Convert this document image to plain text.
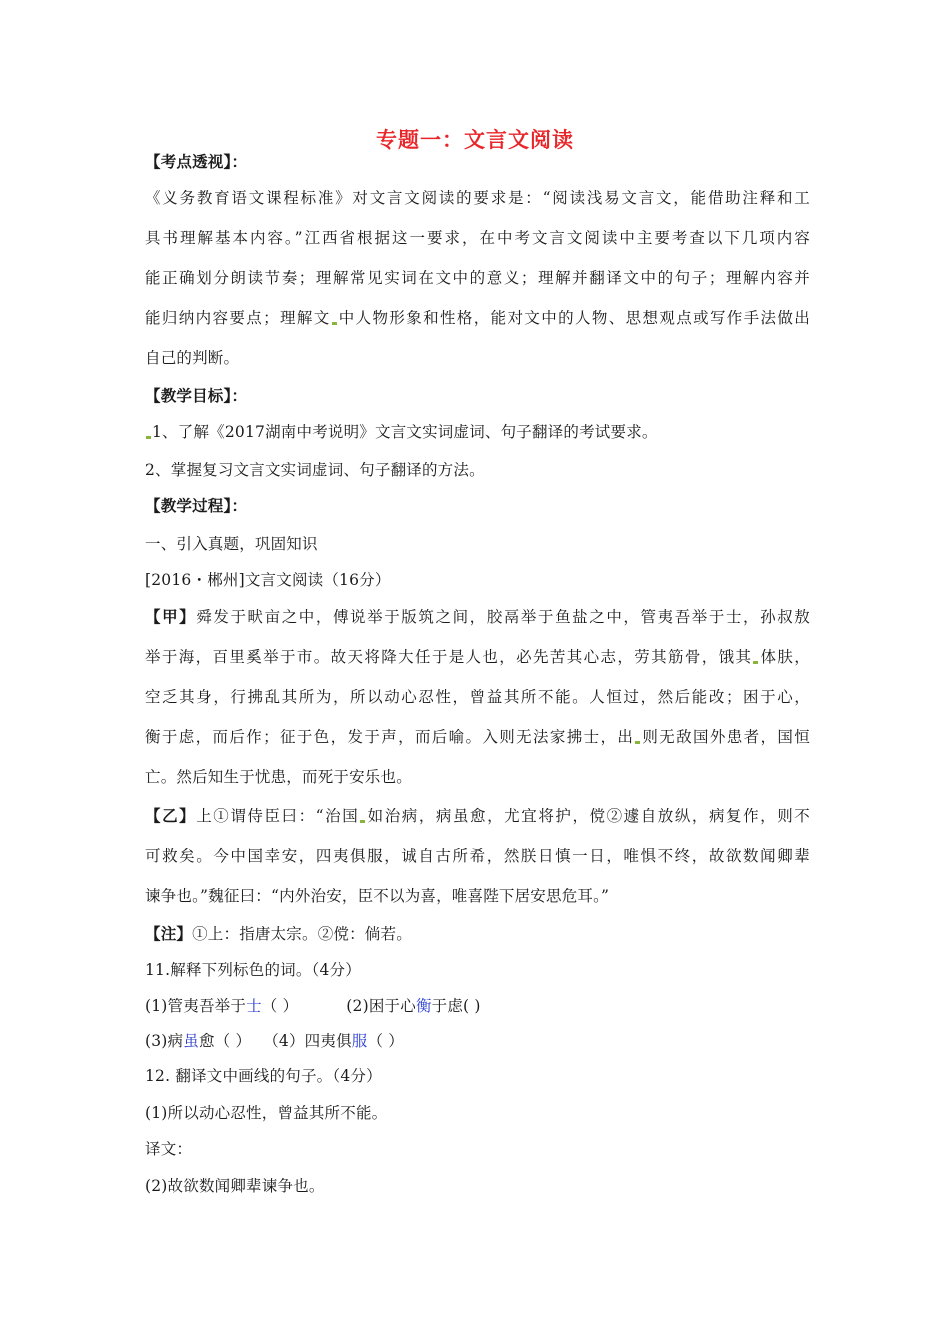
专题一：文言文阅读
【考点透视】：
《义务教育语文课程标准》对文言文阅读的要求是：“阅读浅易文言文，能借助注释和工
具书理解基本内容。”江西省根据这一要求，在中考文言文阅读中主要考查以下几项内容
能正确划分朗读节奏；理解常见实词在文中的意义；理解并翻译文中的句子；理解内容并
能归纳内容要点；理解文 中人物形象和性格，能对文中的人物、思想观点或写作手法做出
自己的判断。
【教学目标】：
1、了解《2017湖南中考说明》文言文实词虚词、句子翻译的考试要求。
2、掌握复习文言文实词虚词、句子翻译的方法。
【教学过程】：
一、引入真题，巩固知识
[2016・郴州]文言文阅读（16分）
【甲】舜发于畎亩之中，傅说举于版筑之间，胶鬲举于鱼盐之中，管夷吾举于士，孙叔敖
举于海，百里奚举于市。故天将降大任于是人也，必先苦其心志，劳其筋骨，饿其 体肤，
空乏其身，行拂乱其所为，所以动心忍性，曾益其所不能。人恒过，然后能改；困于心，
衡于虑，而后作；征于色，发于声，而后喻。入则无法家拂士，出 则无敌国外患者，国恒
亡。然后知生于忧患，而死于安乐也。
【乙】上①谓侍臣曰：“治国 如治病，病虽愈，尤宜将护，傥②遽自放纵，病复作，则不
可救矣。今中国幸安，四夷俱服，诚自古所希，然朕日慎一日，唯惧不终，故欲数闻卿辈
谏争也。”魏征曰：“内外治安，臣不以为喜，唯喜陛下居安思危耳。”
【注】①上：指唐太宗。②傥：倘若。
11.解释下列标色的词。（4分）
(1)管夷吾举于士（ ）	(2)困于心衡于虑( )
(3)病虽愈（ ） （4）四夷俱服（ ）
12. 翻译文中画线的句子。（4分）
(1)所以动心忍性，曾益其所不能。
译文：
(2)故欲数闻卿辈谏争也。
